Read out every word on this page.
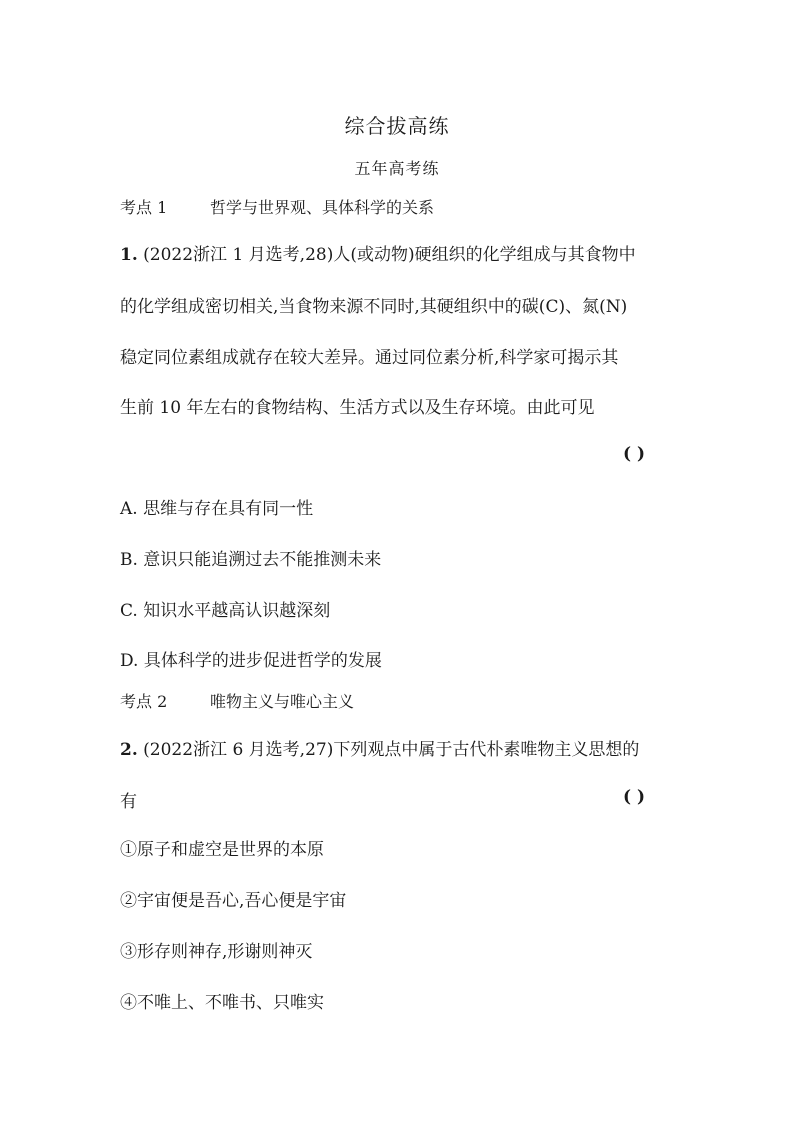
综合拔高练
五年高考练
考点 1	哲学与世界观、具体科学的关系
1. (2022浙江 1 月选考,28)人(或动物)硬组织的化学组成与其食物中
的化学组成密切相关,当食物来源不同时,其硬组织中的碳(C)、氮(N)
稳定同位素组成就存在较大差异。通过同位素分析,科学家可揭示其
生前 10 年左右的食物结构、生活方式以及生存环境。由此可见
( )
A. 思维与存在具有同一性
B. 意识只能追溯过去不能推测未来
C. 知识水平越高认识越深刻
D. 具体科学的进步促进哲学的发展
考点 2	唯物主义与唯心主义
2. (2022浙江 6 月选考,27)下列观点中属于古代朴素唯物主义思想的
有	( )
①原子和虚空是世界的本原
②宇宙便是吾心,吾心便是宇宙
③形存则神存,形谢则神灭
④不唯上、不唯书、只唯实
